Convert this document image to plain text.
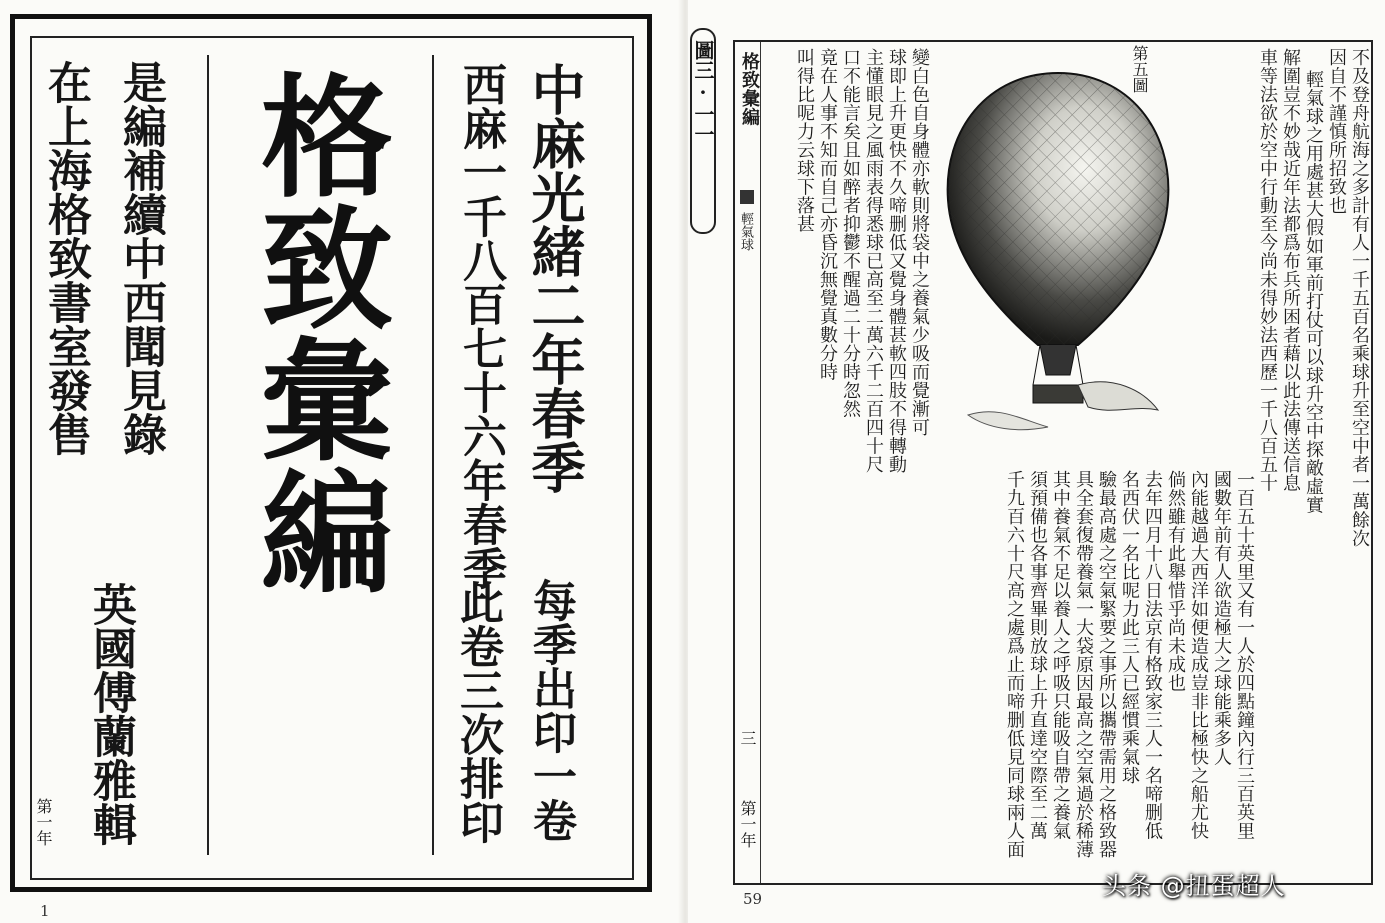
中麻光緒二年春季

西麻一千八百七十六年春季

每季出印一卷

此卷三次排印

格致彙編

是編補續中西聞見錄

在上海格致書室發售

英國傅蘭雅輯

第一年

1

圖三·一一 格致彙編

輕氣球

第五圖	不及登舟航海之多計有人一千五百名乘球升至空中者一萬餘次

因自不謹慎所招致也

輕氣球之用處甚大假如軍前打仗可以球升空中探敵虛實

解圍豈不妙哉近年法都爲布兵所困者藉以此法傳送信息

車等法欲於空中行動至今尚未得妙法西歷一千八百五十

一百五十英里又有一人於四點鐘內行三百英里

國數年前有人欲造極大之球能乘多人

內能越過大西洋如便造成豈非比極快之船尤快

倘然雖有此舉惜乎尚未成也

去年四月十八日法京有格致家三人一名啼删低

名西伏一名比呢力此三人已經慣乘氣球

驗最高處之空氣緊要之事所以攜帶需用之格致器

具全套復帶養氣一大袋原因最高之空氣過於稀薄

其中養氣不足以養人之呼吸只能吸自帶之養氣

須預備也各事齊畢則放球上升直達空際至二萬

千九百六十尺高之處爲止而啼删低見同球兩人面

變白色自身體亦軟則將袋中之養氣少吸而覺漸可

球即上升更快不久啼删低又覺身體甚軟四肢不得轉動

主懂眼見之風雨表得悉球已高至二萬六千二百四十尺

口不能言矣且如醉者抑鬱不醒過二十分時忽然

竟在人事不知而自己亦昏沉無覺真數分時

叫得比呢力云球下落甚

三

第一年

59	头条 @扭蛋超人
